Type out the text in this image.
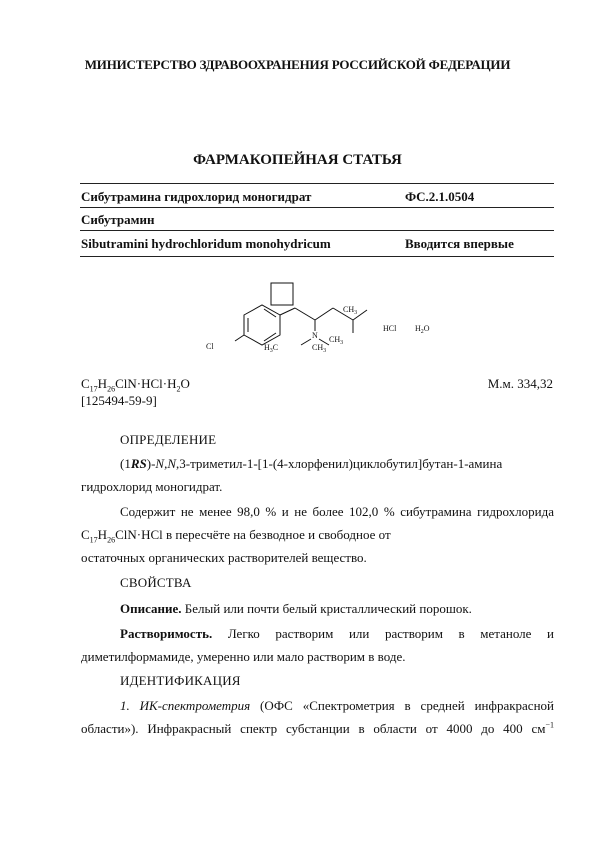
МИНИСТЕРСТВО ЗДРАВООХРАНЕНИЯ РОССИЙСКОЙ ФЕДЕРАЦИИ
ФАРМАКОПЕЙНАЯ СТАТЬЯ
Сибутрамина гидрохлорид моногидрат	ФС.2.1.0504
Сибутрамин
Sibutramini hydrochloridum monohydricum	Вводится впервые
Cl
N
$H_3C$	$CH_3$
$CH_3$
$CH_3$
HCl $H_2O$
$C_{17}H_{26}ClN\cdot HCl\cdot H_2O$	М.м. 334,32
[125494-59-9]
ОПРЕДЕЛЕНИЕ
(1RS)-N,N,3-триметил-1-[1-(4-хлорфенил)циклобутил]бутан-1-амина
гидрохлорид моногидрат.
Содержит не менее 98,0 % и не более 102,0 % сибутрамина гидрохлорида $C_{17}H_{26}ClN\cdot HCl$ в пересчёте на безводное и свободное от
остаточных органических растворителей вещество.
СВОЙСТВА
Описание. Белый или почти белый кристаллический порошок.
Растворимость. Легко растворим или растворим в метаноле и
диметилформамиде, умеренно или мало растворим в воде.
ИДЕНТИФИКАЦИЯ
1. ИК-спектрометрия (ОФС «Спектрометрия в средней инфракрасной
области»). Инфракрасный спектр субстанции в области от 4000 до 400 $см^{-1}$
